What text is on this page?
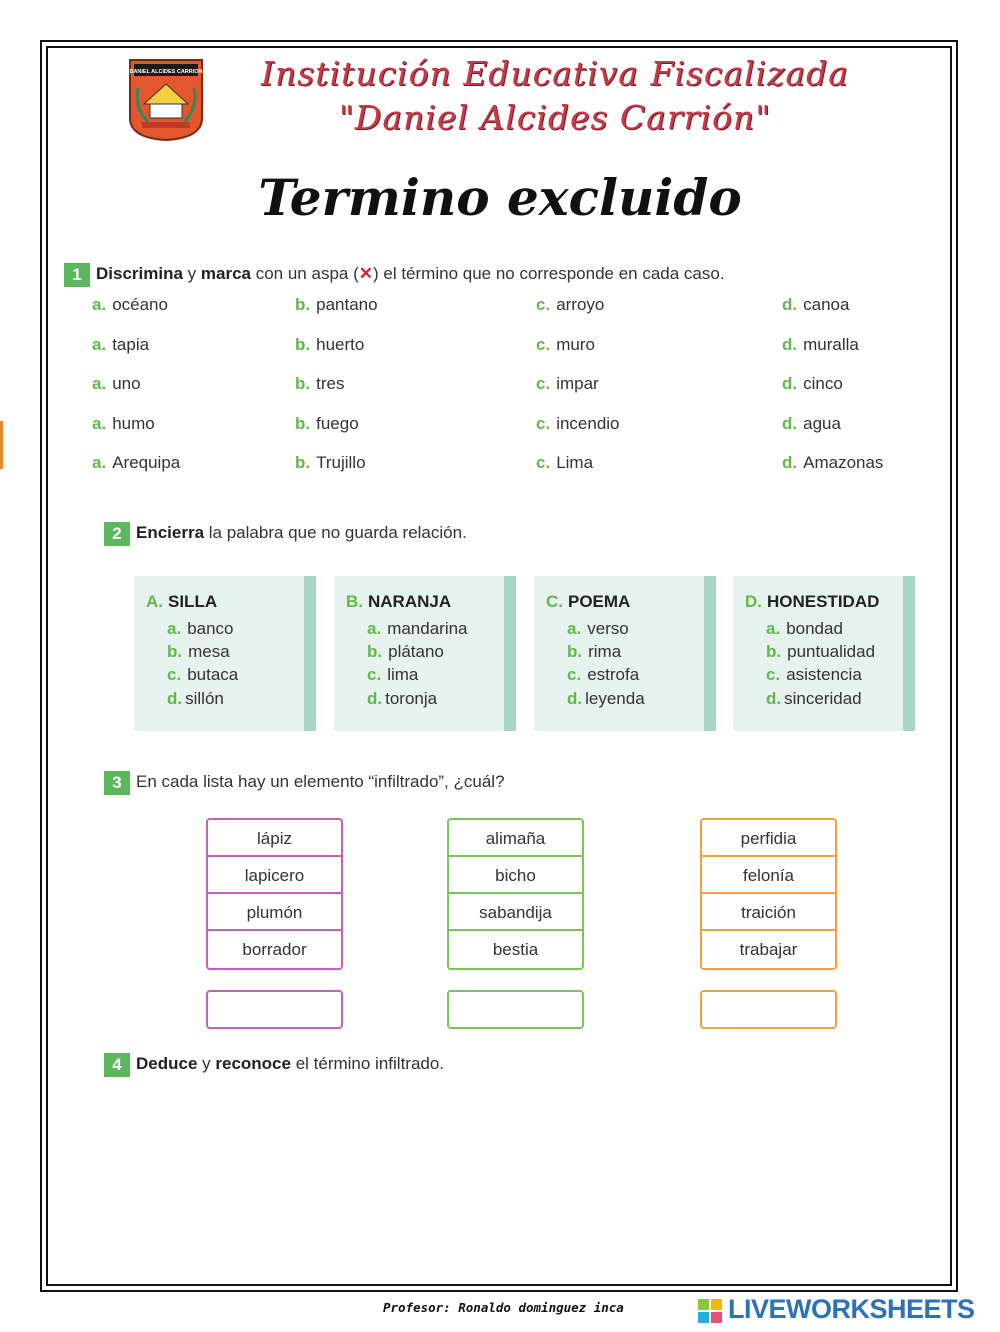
DANIEL ALCIDES CARRION	Institución Educativa Fiscalizada
"Daniel Alcides Carrión"
Termino excluido
1 Discrimina y marca con un aspa (✕) el término que no corresponde en cada caso.
a. océano	b. pantano	c. arroyo	d. canoa
a. tapia	b. huerto	c. muro	d. muralla
a. uno	b. tres	c. impar	d. cinco
a. humo	b. fuego	c. incendio	d. agua
a. Arequipa	b. Trujillo	c. Lima	d. Amazonas
2 Encierra la palabra que no guarda relación.
A. SILLA
a. banco
b. mesa
c. butaca
d. sillón
B. NARANJA
a. mandarina
b. plátano
c. lima
d. toronja
C. POEMA
a. verso
b. rima
c. estrofa
d. leyenda
D. HONESTIDAD
a. bondad
b. puntualidad
c. asistencia
d. sinceridad
3 En cada lista hay un elemento “infiltrado”, ¿cuál?
lápiz
lapicero
plumón
borrador
alimaña
bicho
sabandija
bestia
perfidia
felonía
traición
trabajar
4 Deduce y reconoce el término infiltrado.
Profesor: Ronaldo dominguez inca	LIVEWORKSHEETS
